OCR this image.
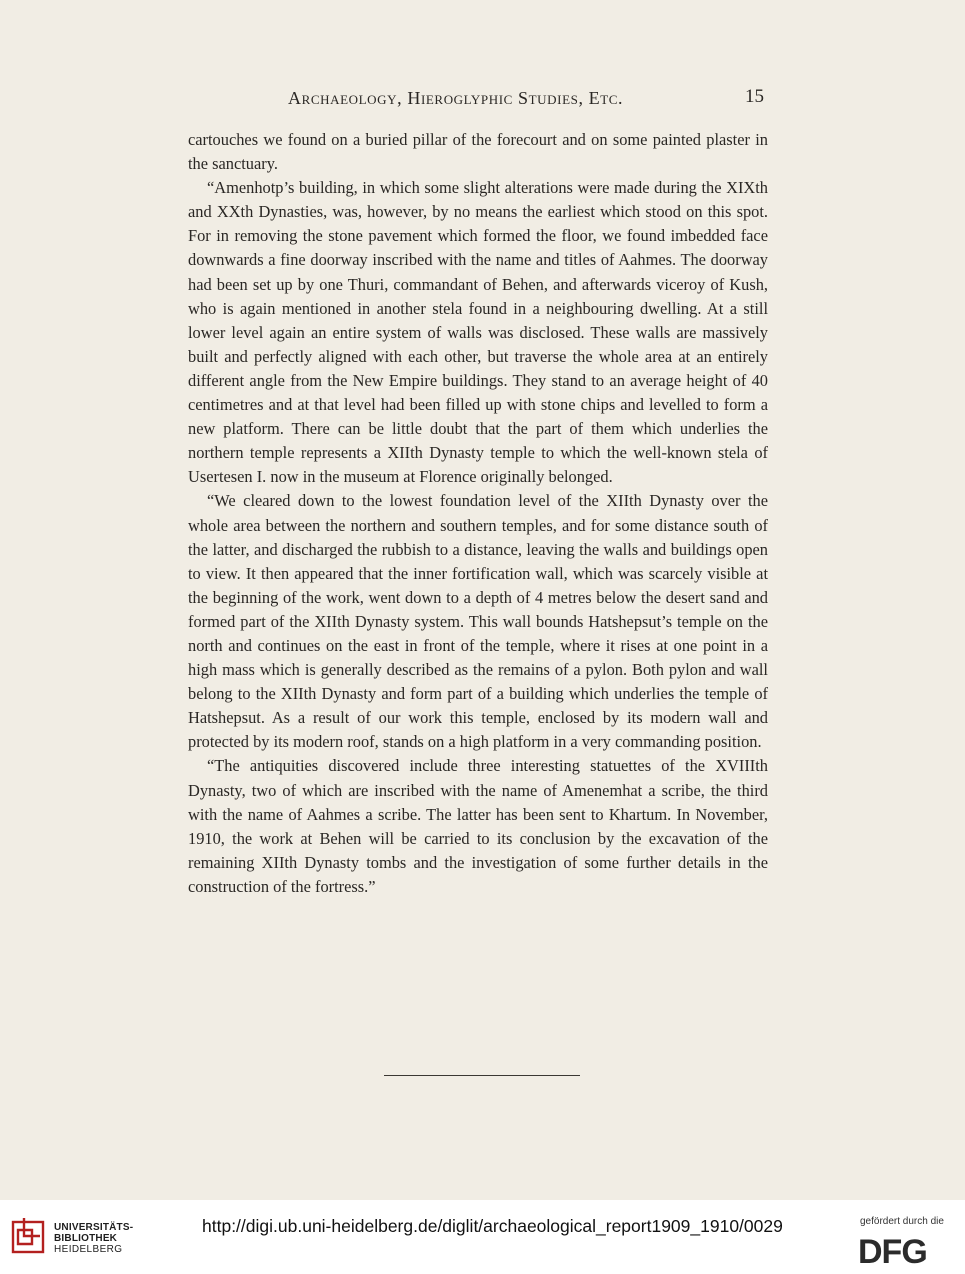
Archaeology, Hieroglyphic Studies, Etc.	15

cartouches we found on a buried pillar of the forecourt and on some painted plaster in the sanctuary.

“Amenhotp’s building, in which some slight alterations were made during the XIXth and XXth Dynasties, was, however, by no means the earliest which stood on this spot. For in removing the stone pavement which formed the floor, we found imbedded face downwards a fine doorway inscribed with the name and titles of Aahmes. The doorway had been set up by one Thuri, commandant of Behen, and afterwards viceroy of Kush, who is again mentioned in another stela found in a neighbouring dwelling. At a still lower level again an entire system of walls was disclosed. These walls are massively built and perfectly aligned with each other, but traverse the whole area at an entirely different angle from the New Empire buildings. They stand to an average height of 40 centimetres and at that level had been filled up with stone chips and levelled to form a new platform. There can be little doubt that the part of them which underlies the northern temple represents a XIIth Dynasty temple to which the well-known stela of Usertesen I. now in the museum at Florence originally belonged.

“We cleared down to the lowest foundation level of the XIIth Dynasty over the whole area between the northern and southern temples, and for some distance south of the latter, and discharged the rubbish to a distance, leaving the walls and buildings open to view. It then appeared that the inner fortification wall, which was scarcely visible at the beginning of the work, went down to a depth of 4 metres below the desert sand and formed part of the XIIth Dynasty system. This wall bounds Hatshepsut’s temple on the north and continues on the east in front of the temple, where it rises at one point in a high mass which is generally described as the remains of a pylon. Both pylon and wall belong to the XIIth Dynasty and form part of a building which underlies the temple of Hatshepsut. As a result of our work this temple, enclosed by its modern wall and protected by its modern roof, stands on a high platform in a very commanding position.

“The antiquities discovered include three interesting statuettes of the XVIIIth Dynasty, two of which are inscribed with the name of Amenemhat a scribe, the third with the name of Aahmes a scribe. The latter has been sent to Khartum. In November, 1910, the work at Behen will be carried to its conclusion by the excavation of the remaining XIIth Dynasty tombs and the investigation of some further details in the construction of the fortress.”

UNIVERSITÄTS-
BIBLIOTHEK
HEIDELBERG
http://digi.ub.uni-heidelberg.de/diglit/archaeological_report1909_1910/0029	gefördert durch die
DFG
